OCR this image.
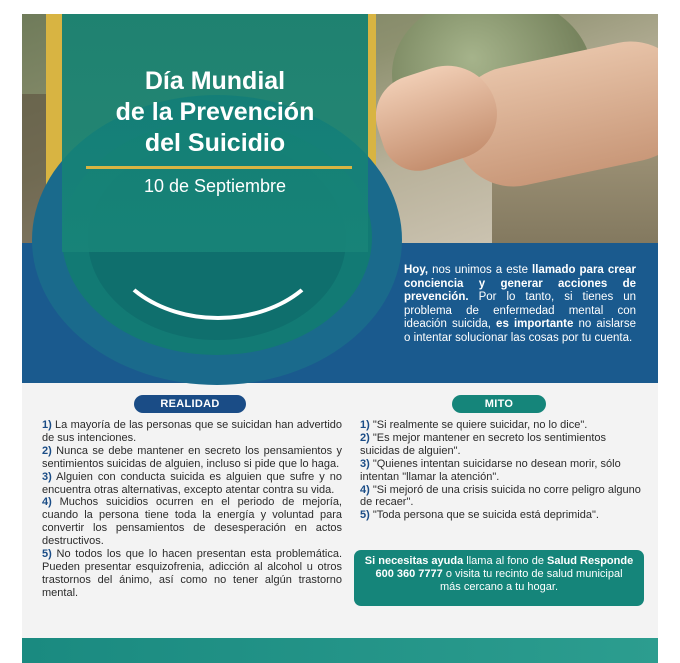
Día Mundial
de la Prevención
del Suicidio
10 de Septiembre
Hoy, nos unimos a este llamado para crear conciencia y generar acciones de prevención. Por lo tanto, si tienes un problema de enfermedad mental con ideación suicida, es importante no aislarse o intentar solucionar las cosas por tu cuenta.
REALIDAD	MITO
1) La mayoría de las personas que se suicidan han advertido de sus intenciones.
2) Nunca se debe mantener en secreto los pensamientos y sentimientos suicidas de alguien, incluso si pide que lo haga.
3) Alguien con conducta suicida es alguien que sufre y no encuentra otras alternativas, excepto atentar contra su vida.
4) Muchos suicidios ocurren en el periodo de mejoría, cuando la persona tiene toda la energía y voluntad para convertir los pensamientos de desesperación en actos destructivos.
5) No todos los que lo hacen presentan esta problemática. Pueden presentar esquizofrenia, adicción al alcohol u otros trastornos del ánimo, así como no tener algún trastorno mental.
1) "Si realmente se quiere suicidar, no lo dice".
2) "Es mejor mantener en secreto los sentimientos suicidas de alguien".
3) "Quienes intentan suicidarse no desean morir, sólo intentan "llamar la atención".
4) "Si mejoró de una crisis suicida no corre peligro alguno de recaer".
5) "Toda persona que se suicida está deprimida".
Si necesitas ayuda llama al fono de Salud Responde 600 360 7777 o visita tu recinto de salud municipal más cercano a tu hogar.
